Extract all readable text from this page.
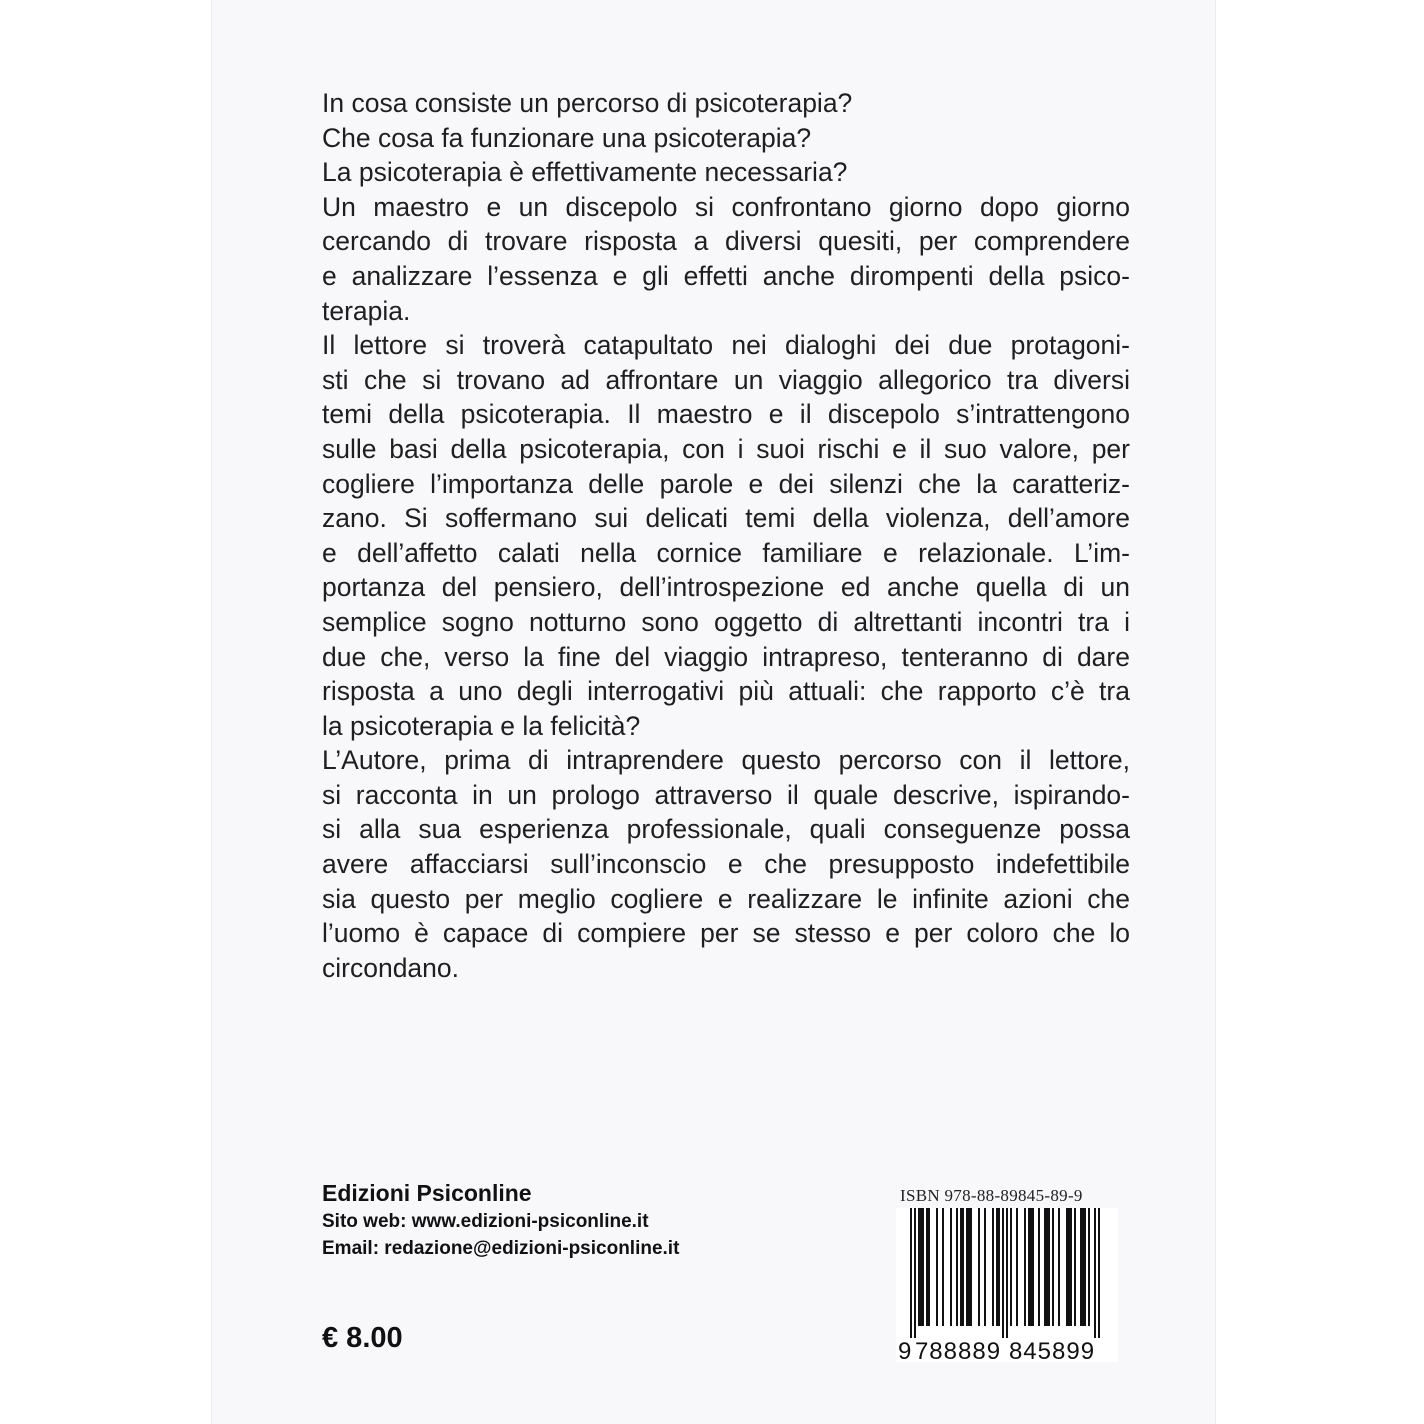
In cosa consiste un percorso di psicoterapia?
Che cosa fa funzionare una psicoterapia?
La psicoterapia è effettivamente necessaria?
Un maestro e un discepolo si confrontano giorno dopo giorno
cercando di trovare risposta a diversi quesiti, per comprendere
e analizzare l’essenza e gli effetti anche dirompenti della psico-
terapia.
Il lettore si troverà catapultato nei dialoghi dei due protagoni-
sti che si trovano ad affrontare un viaggio allegorico tra diversi
temi della psicoterapia. Il maestro e il discepolo s’intrattengono
sulle basi della psicoterapia, con i suoi rischi e il suo valore, per
cogliere l’importanza delle parole e dei silenzi che la caratteriz-
zano. Si soffermano sui delicati temi della violenza, dell’amore
e dell’affetto calati nella cornice familiare e relazionale. L’im-
portanza del pensiero, dell’introspezione ed anche quella di un
semplice sogno notturno sono oggetto di altrettanti incontri tra i
due che, verso la fine del viaggio intrapreso, tenteranno di dare
risposta a uno degli interrogativi più attuali: che rapporto c’è tra
la psicoterapia e la felicità?
L’Autore, prima di intraprendere questo percorso con il lettore,
si racconta in un prologo attraverso il quale descrive, ispirando-
si alla sua esperienza professionale, quali conseguenze possa
avere affacciarsi sull’inconscio e che presupposto indefettibile
sia questo per meglio cogliere e realizzare le infinite azioni che
l’uomo è capace di compiere per se stesso e per coloro che lo
circondano.
Edizioni Psiconline
Sito web: www.edizioni-psiconline.it
Email: redazione@edizioni-psiconline.it
€ 8.00
ISBN 978-88-89845-89-9
9 788889 845899
